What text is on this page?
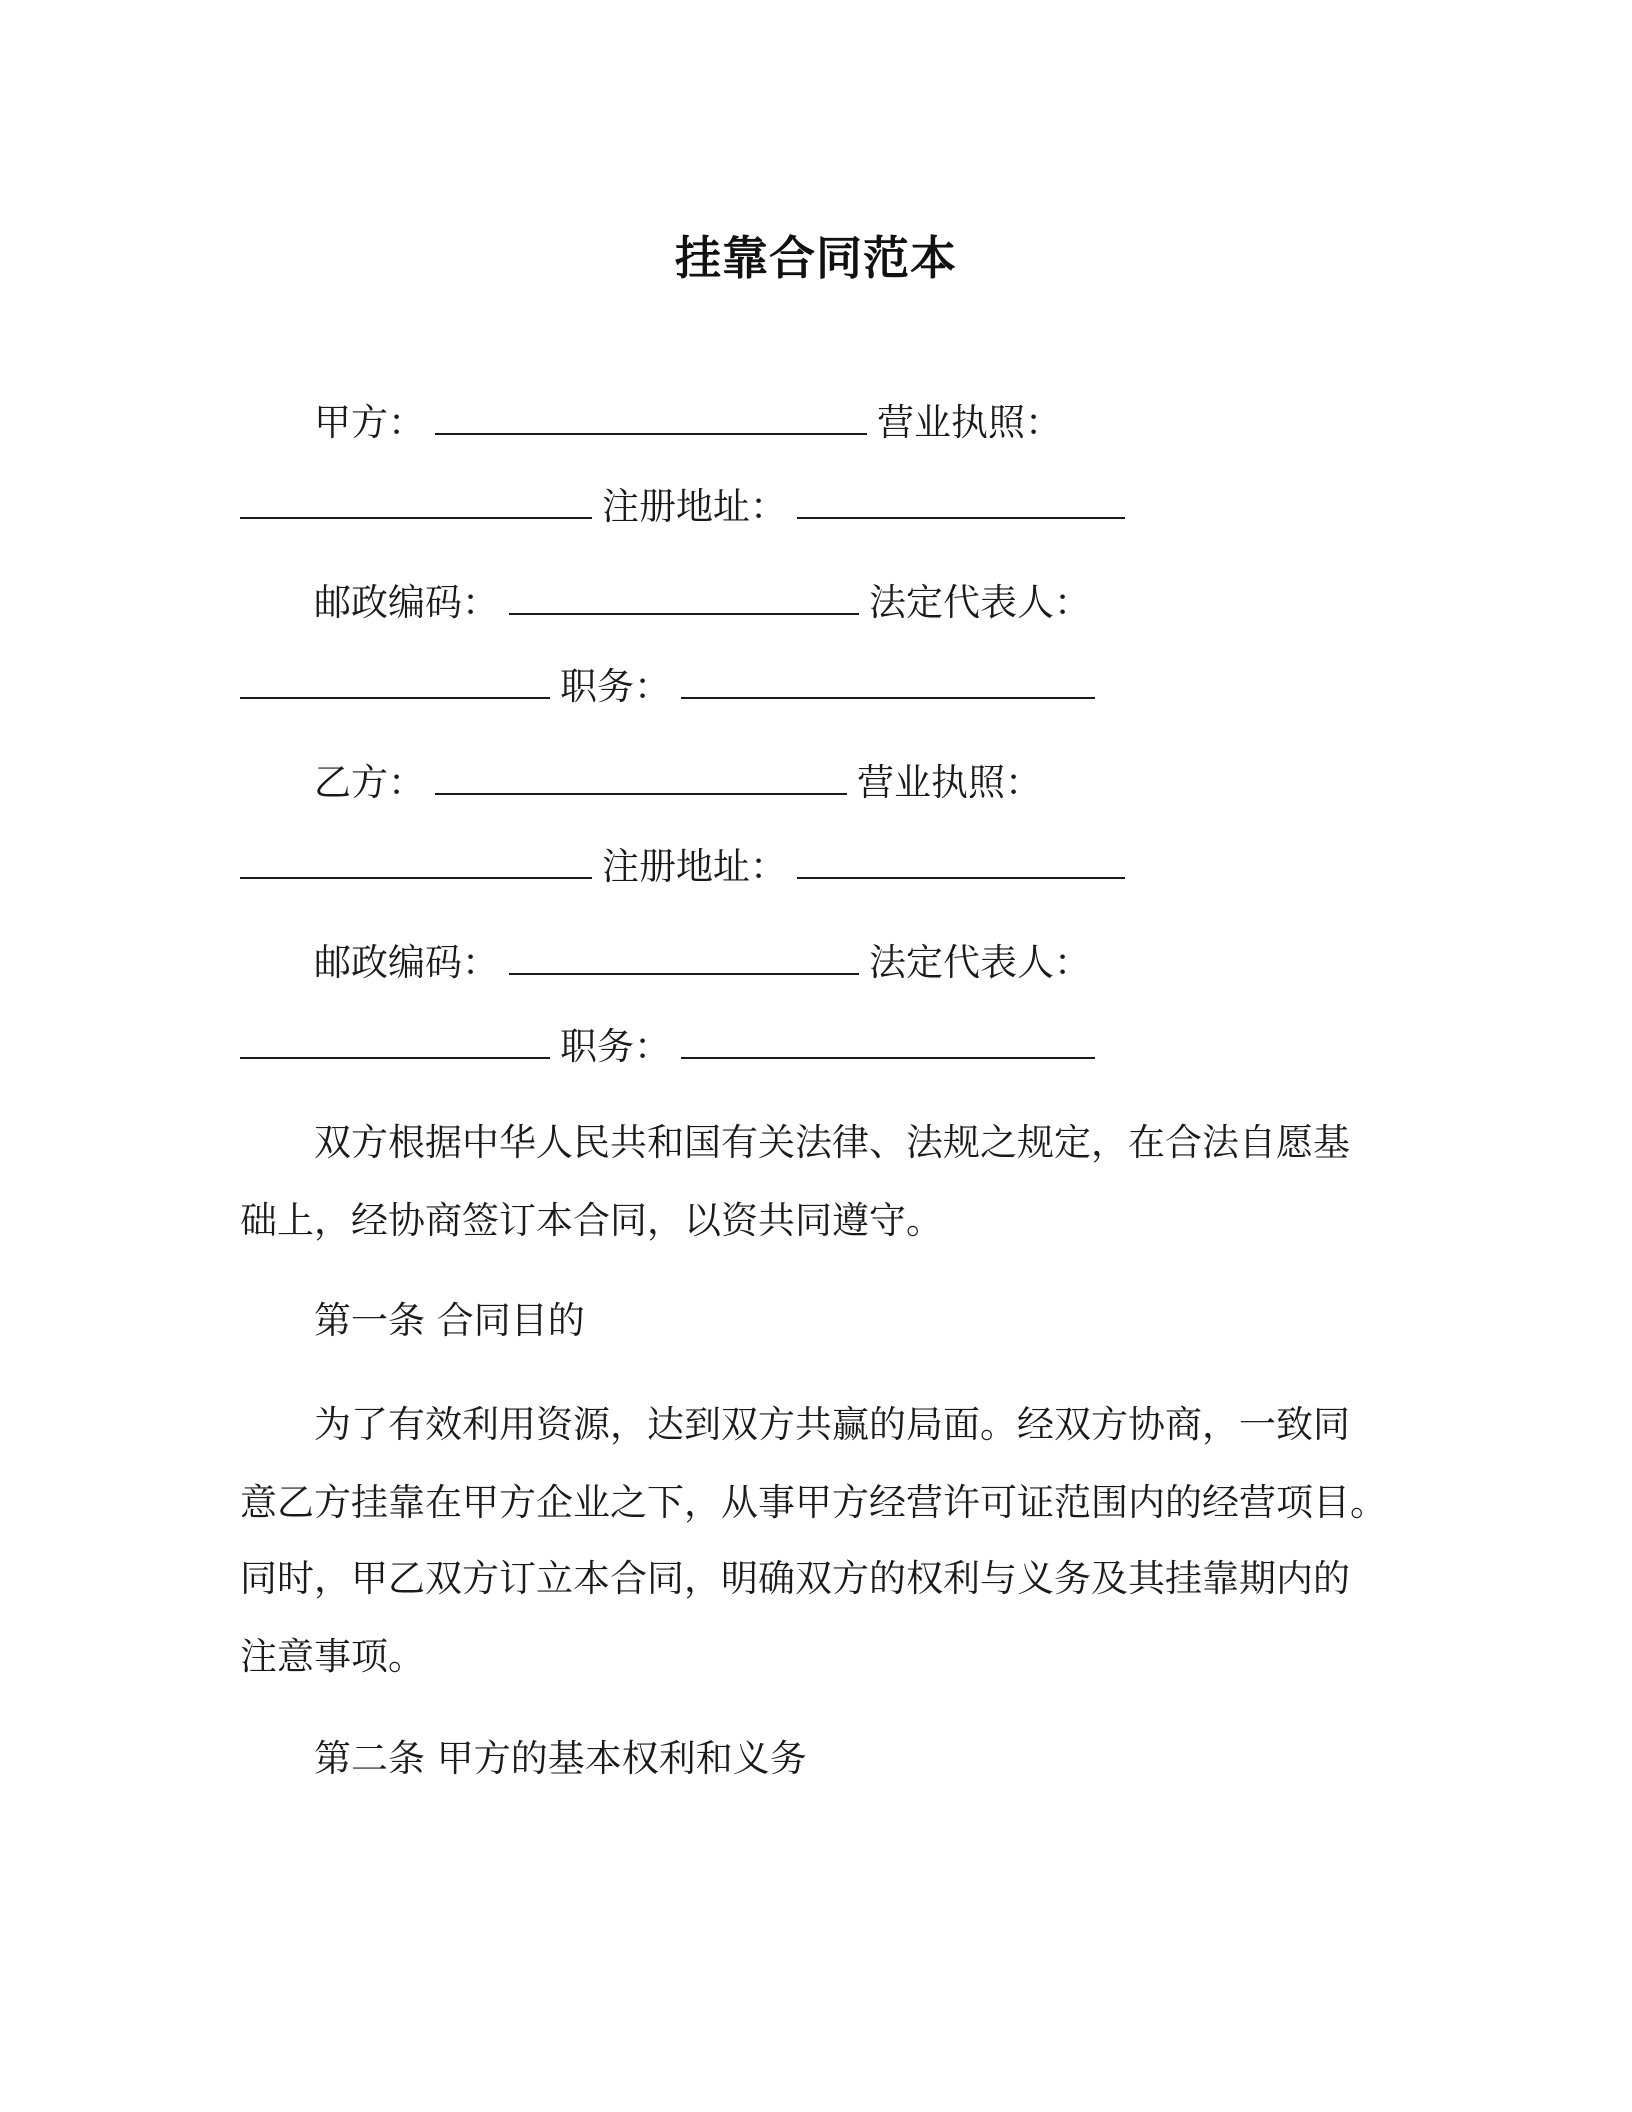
挂靠合同范本
甲方：	营业执照：
注册地址：
邮政编码：	法定代表人：
职务：
乙方：	营业执照：
注册地址：
邮政编码：	法定代表人：
职务：
双方根据中华人民共和国有关法律、法规之规定，在合法自愿基
础上，经协商签订本合同，以资共同遵守。
第一条 合同目的
为了有效利用资源，达到双方共赢的局面。经双方协商，一致同
意乙方挂靠在甲方企业之下，从事甲方经营许可证范围内的经营项目。
同时，甲乙双方订立本合同，明确双方的权利与义务及其挂靠期内的
注意事项。
第二条 甲方的基本权利和义务
